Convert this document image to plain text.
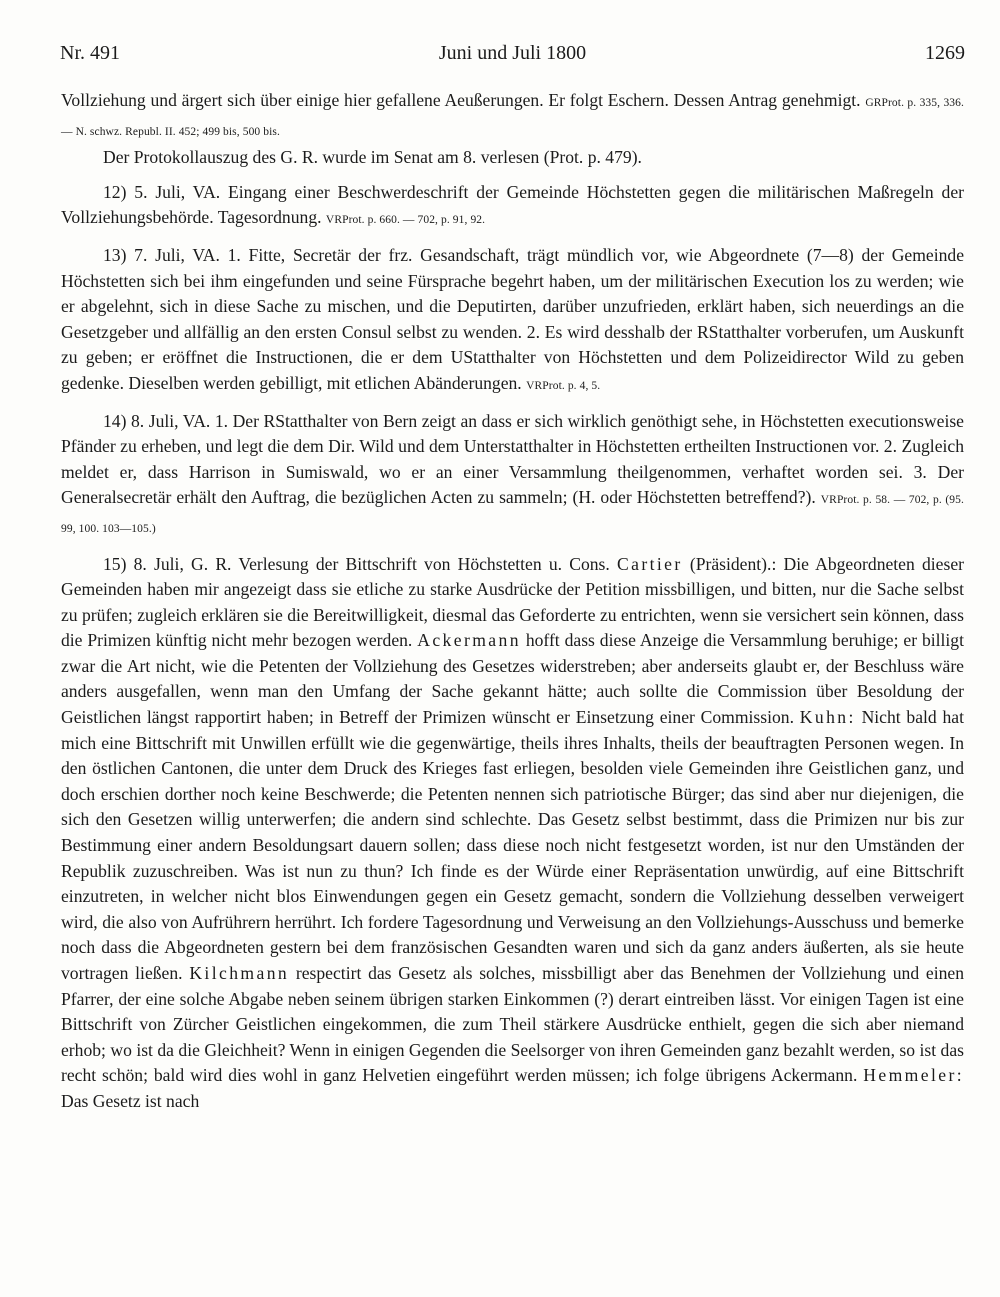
Nr. 491	Juni und Juli 1800	1269

Vollziehung und ärgert sich über einige hier gefallene Aeußerungen. Er folgt Eschern. Dessen Antrag genehmigt. GRProt. p. 335, 336. — N. schwz. Republ. II. 452; 499 bis, 500 bis.

Der Protokollauszug des G. R. wurde im Senat am 8. verlesen (Prot. p. 479).

12) 5. Juli, VA. Eingang einer Beschwerdeschrift der Gemeinde Höchstetten gegen die militärischen Maßregeln der Vollziehungsbehörde. Tagesordnung. VRProt. p. 660. — 702, p. 91, 92.

13) 7. Juli, VA. 1. Fitte, Secretär der frz. Gesandschaft, trägt mündlich vor, wie Abgeordnete (7—8) der Gemeinde Höchstetten sich bei ihm eingefunden und seine Fürsprache begehrt haben, um der militärischen Execution los zu werden; wie er abgelehnt, sich in diese Sache zu mischen, und die Deputirten, darüber unzufrieden, erklärt haben, sich neuerdings an die Gesetzgeber und allfällig an den ersten Consul selbst zu wenden. 2. Es wird desshalb der RStatthalter vorberufen, um Auskunft zu geben; er eröffnet die Instructionen, die er dem UStatthalter von Höchstetten und dem Polizeidirector Wild zu geben gedenke. Dieselben werden gebilligt, mit etlichen Abänderungen. VRProt. p. 4, 5.

14) 8. Juli, VA. 1. Der RStatthalter von Bern zeigt an dass er sich wirklich genöthigt sehe, in Höchstetten executionsweise Pfänder zu erheben, und legt die dem Dir. Wild und dem Unterstatthalter in Höchstetten ertheilten Instructionen vor. 2. Zugleich meldet er, dass Harrison in Sumiswald, wo er an einer Versammlung theilgenommen, verhaftet worden sei. 3. Der Generalsecretär erhält den Auftrag, die bezüglichen Acten zu sammeln; (H. oder Höchstetten betreffend?). VRProt. p. 58. — 702, p. (95. 99, 100. 103—105.)

15) 8. Juli, G. R. Verlesung der Bittschrift von Höchstetten u. Cons. Cartier (Präsident).: Die Abgeordneten dieser Gemeinden haben mir angezeigt dass sie etliche zu starke Ausdrücke der Petition missbilligen, und bitten, nur die Sache selbst zu prüfen; zugleich erklären sie die Bereitwilligkeit, diesmal das Geforderte zu entrichten, wenn sie versichert sein können, dass die Primizen künftig nicht mehr bezogen werden. Ackermann hofft dass diese Anzeige die Versammlung beruhige; er billigt zwar die Art nicht, wie die Petenten der Vollziehung des Gesetzes widerstreben; aber anderseits glaubt er, der Beschluss wäre anders ausgefallen, wenn man den Umfang der Sache gekannt hätte; auch sollte die Commission über Besoldung der Geistlichen längst rapportirt haben; in Betreff der Primizen wünscht er Einsetzung einer Commission. Kuhn: Nicht bald hat mich eine Bittschrift mit Unwillen erfüllt wie die gegenwärtige, theils ihres Inhalts, theils der beauftragten Personen wegen. In den östlichen Cantonen, die unter dem Druck des Krieges fast erliegen, besolden viele Gemeinden ihre Geistlichen ganz, und doch erschien dorther noch keine Beschwerde; die Petenten nennen sich patriotische Bürger; das sind aber nur diejenigen, die sich den Gesetzen willig unterwerfen; die andern sind schlechte. Das Gesetz selbst bestimmt, dass die Primizen nur bis zur Bestimmung einer andern Besoldungsart dauern sollen; dass diese noch nicht festgesetzt worden, ist nur den Umständen der Republik zuzuschreiben. Was ist nun zu thun? Ich finde es der Würde einer Repräsentation unwürdig, auf eine Bittschrift einzutreten, in welcher nicht blos Einwendungen gegen ein Gesetz gemacht, sondern die Vollziehung desselben verweigert wird, die also von Aufrührern herrührt. Ich fordere Tagesordnung und Verweisung an den Vollziehungs-Ausschuss und bemerke noch dass die Abgeordneten gestern bei dem französischen Gesandten waren und sich da ganz anders äußerten, als sie heute vortragen ließen. Kilchmann respectirt das Gesetz als solches, missbilligt aber das Benehmen der Vollziehung und einen Pfarrer, der eine solche Abgabe neben seinem übrigen starken Einkommen (?) derart eintreiben lässt. Vor einigen Tagen ist eine Bittschrift von Zürcher Geistlichen eingekommen, die zum Theil stärkere Ausdrücke enthielt, gegen die sich aber niemand erhob; wo ist da die Gleichheit? Wenn in einigen Gegenden die Seelsorger von ihren Gemeinden ganz bezahlt werden, so ist das recht schön; bald wird dies wohl in ganz Helvetien eingeführt werden müssen; ich folge übrigens Ackermann. Hemmeler: Das Gesetz ist nach
